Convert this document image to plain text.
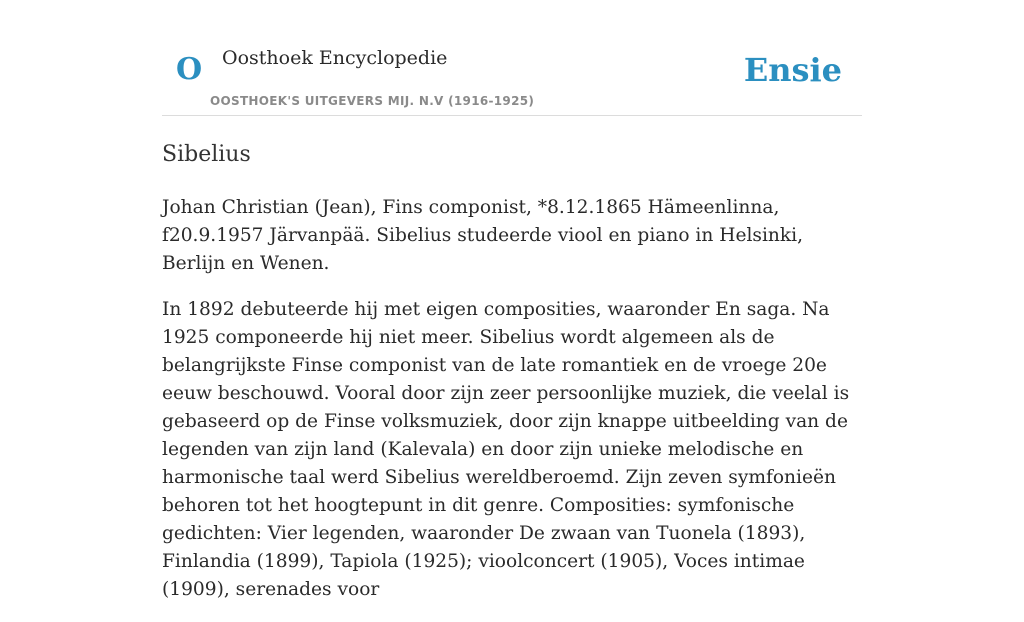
O Oosthoek Encyclopedie
OOSTHOEK'S UITGEVERS MIJ. N.V (1916-1925)
Ensie
Sibelius

Johan Christian (Jean), Fins componist, *8.12.1865 Hämeenlinna, f20.9.1957 Järvanpää. Sibelius studeerde viool en piano in Helsinki, Berlijn en Wenen.

In 1892 debuteerde hij met eigen composities, waaronder En saga. Na 1925 componeerde hij niet meer. Sibelius wordt algemeen als de belangrijkste Finse componist van de late romantiek en de vroege 20e eeuw beschouwd. Vooral door zijn zeer persoonlijke muziek, die veelal is gebaseerd op de Finse volksmuziek, door zijn knappe uitbeelding van de legenden van zijn land (Kalevala) en door zijn unieke melodische en harmonische taal werd Sibelius wereldberoemd. Zijn zeven symfonieën behoren tot het hoogtepunt in dit genre. Composities: symfonische gedichten: Vier legenden, waaronder De zwaan van Tuonela (1893), Finlandia (1899), Tapiola (1925); vioolconcert (1905), Voces intimae (1909), serenades voor
